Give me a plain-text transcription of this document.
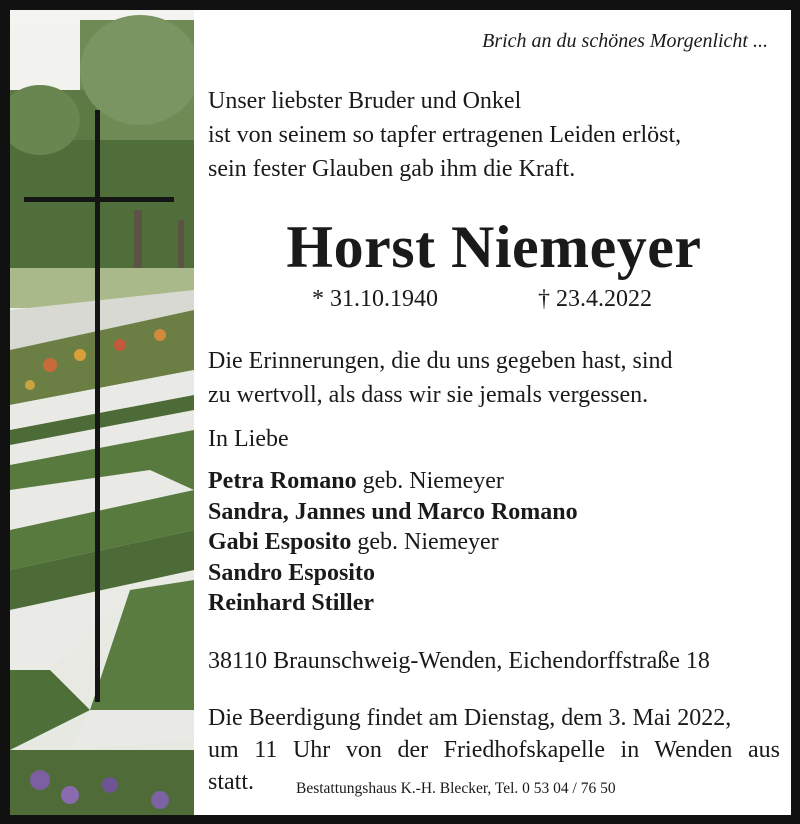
Brich an du schönes Morgenlicht ...
Unser liebster Bruder und Onkel
ist von seinem so tapfer ertragenen Leiden erlöst,
sein fester Glauben gab ihm die Kraft.
Horst Niemeyer
* 31.10.1940	† 23.4.2022
Die Erinnerungen, die du uns gegeben hast, sind
zu wertvoll, als dass wir sie jemals vergessen.
In Liebe
Petra Romano geb. Niemeyer
Sandra, Jannes und Marco Romano
Gabi Esposito geb. Niemeyer
Sandro Esposito
Reinhard Stiller
38110 Braunschweig-Wenden, Eichendorffstraße 18
Die Beerdigung findet am Dienstag, dem 3. Mai 2022,
um 11 Uhr von der Friedhofskapelle in Wenden aus
statt.	Bestattungshaus K.-H. Blecker, Tel. 0 53 04 / 76 50
